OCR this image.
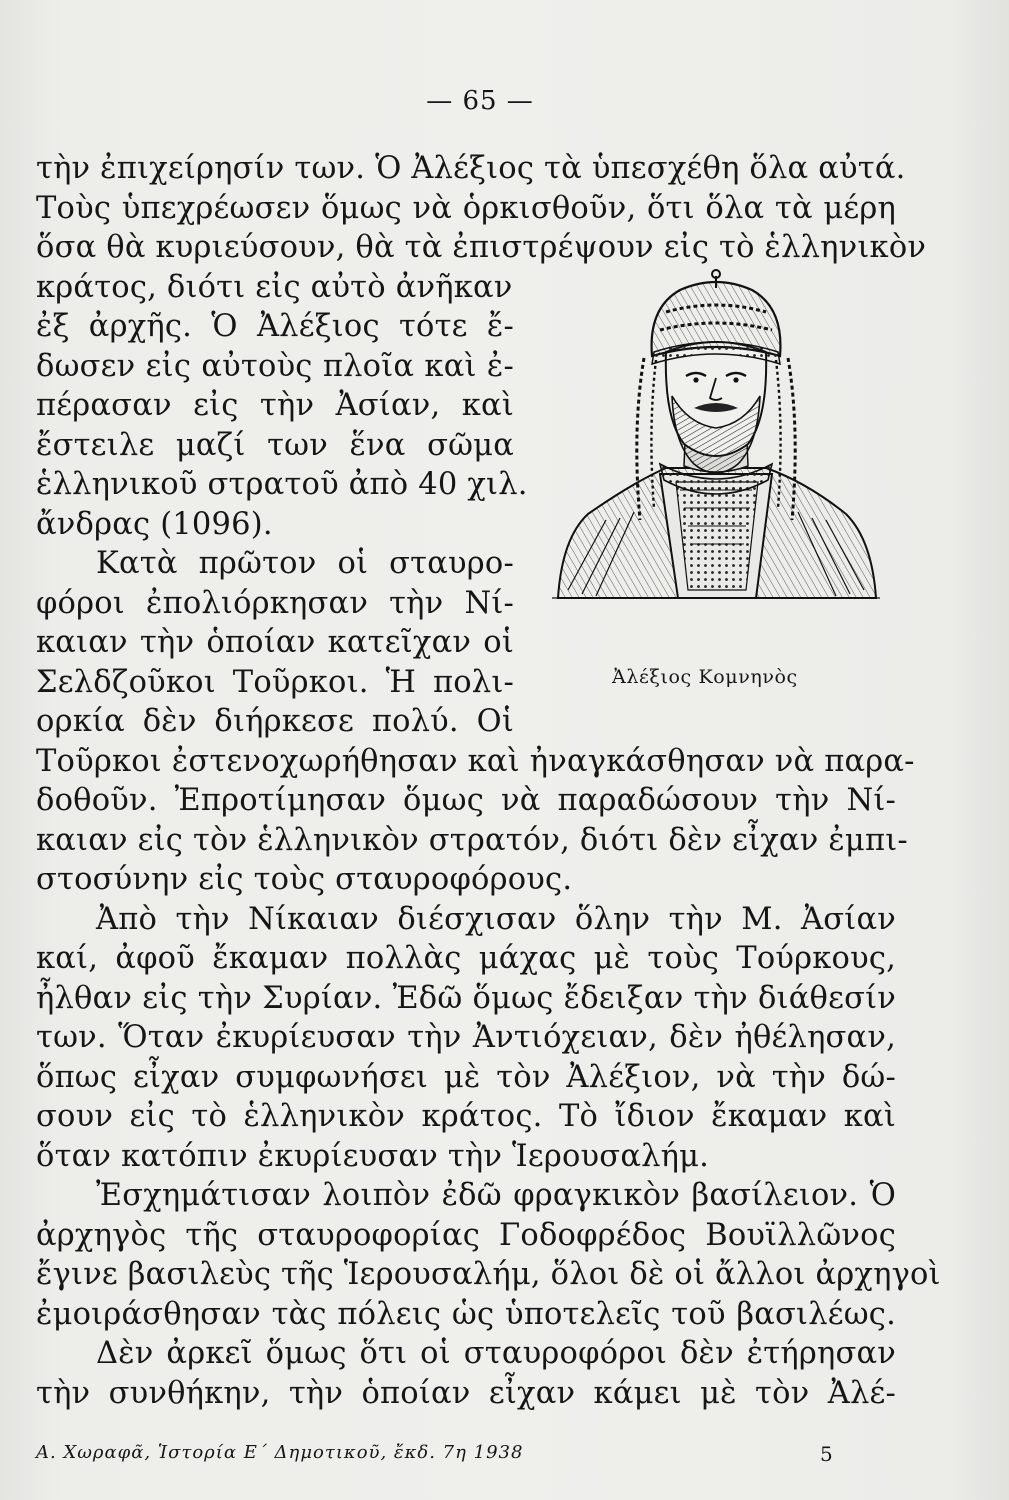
— 65 —
τὴν ἐπιχείρησίν των. Ὁ Ἀλέξιος τὰ ὑπεσχέθη ὅλα αὐτά.
Τοὺς ὑπεχρέωσεν ὅμως νὰ ὁρκισθοῦν, ὅτι ὅλα τὰ μέρη
ὅσα θὰ κυριεύσουν, θὰ τὰ ἐπιστρέψουν εἰς τὸ ἑλληνικὸν
κράτος, διότι εἰς αὐτὸ ἀνῆκαν
ἐξ ἀρχῆς. Ὁ Ἀλέξιος τότε ἔ-
δωσεν εἰς αὐτοὺς πλοῖα καὶ ἐ-
πέρασαν εἰς τὴν Ἀσίαν, καὶ
ἔστειλε μαζί των ἕνα σῶμα
ἑλληνικοῦ στρατοῦ ἀπὸ 40 χιλ.
ἄνδρας (1096).
Κατὰ πρῶτον οἱ σταυρο-
φόροι ἐπολιόρκησαν τὴν Νί-
καιαν τὴν ὁποίαν κατεῖχαν οἱ
Σελδζοῦκοι Τοῦρκοι. Ἡ πολι-
ορκία δὲν διήρκεσε πολύ. Οἱ
Τοῦρκοι ἐστενοχωρήθησαν καὶ ἠναγκάσθησαν νὰ παρα-
δοθοῦν. Ἐπροτίμησαν ὅμως νὰ παραδώσουν τὴν Νί-
καιαν εἰς τὸν ἑλληνικὸν στρατόν, διότι δὲν εἶχαν ἐμπι-
στοσύνην εἰς τοὺς σταυροφόρους.
Ἀπὸ τὴν Νίκαιαν διέσχισαν ὅλην τὴν Μ. Ἀσίαν
καί, ἀφοῦ ἔκαμαν πολλὰς μάχας μὲ τοὺς Τούρκους,
ἦλθαν εἰς τὴν Συρίαν. Ἐδῶ ὅμως ἔδειξαν τὴν διάθεσίν
των. Ὅταν ἐκυρίευσαν τὴν Ἀντιόχειαν, δὲν ἠθέλησαν,
ὅπως εἶχαν συμφωνήσει μὲ τὸν Ἀλέξιον, νὰ τὴν δώ-
σουν εἰς τὸ ἑλληνικὸν κράτος. Τὸ ἴδιον ἔκαμαν καὶ
ὅταν κατόπιν ἐκυρίευσαν τὴν Ἱερουσαλήμ.
Ἐσχημάτισαν λοιπὸν ἐδῶ φραγκικὸν βασίλειον. Ὁ
ἀρχηγὸς τῆς σταυροφορίας Γοδοφρέδος Βουϊλλῶνος
ἔγινε βασιλεὺς τῆς Ἱερουσαλήμ, ὅλοι δὲ οἱ ἄλλοι ἀρχηγοὶ
ἐμοιράσθησαν τὰς πόλεις ὡς ὑποτελεῖς τοῦ βασιλέως.
Δὲν ἀρκεῖ ὅμως ὅτι οἱ σταυροφόροι δὲν ἐτήρησαν
τὴν συνθήκην, τὴν ὁποίαν εἶχαν κάμει μὲ τὸν Ἀλέ-
Ἀλέξιος Κομνηνὸς
Α. Χωραφᾶ, Ἱστορία Ε΄ Δημοτικοῦ, ἔκδ. 7η 1938	5
